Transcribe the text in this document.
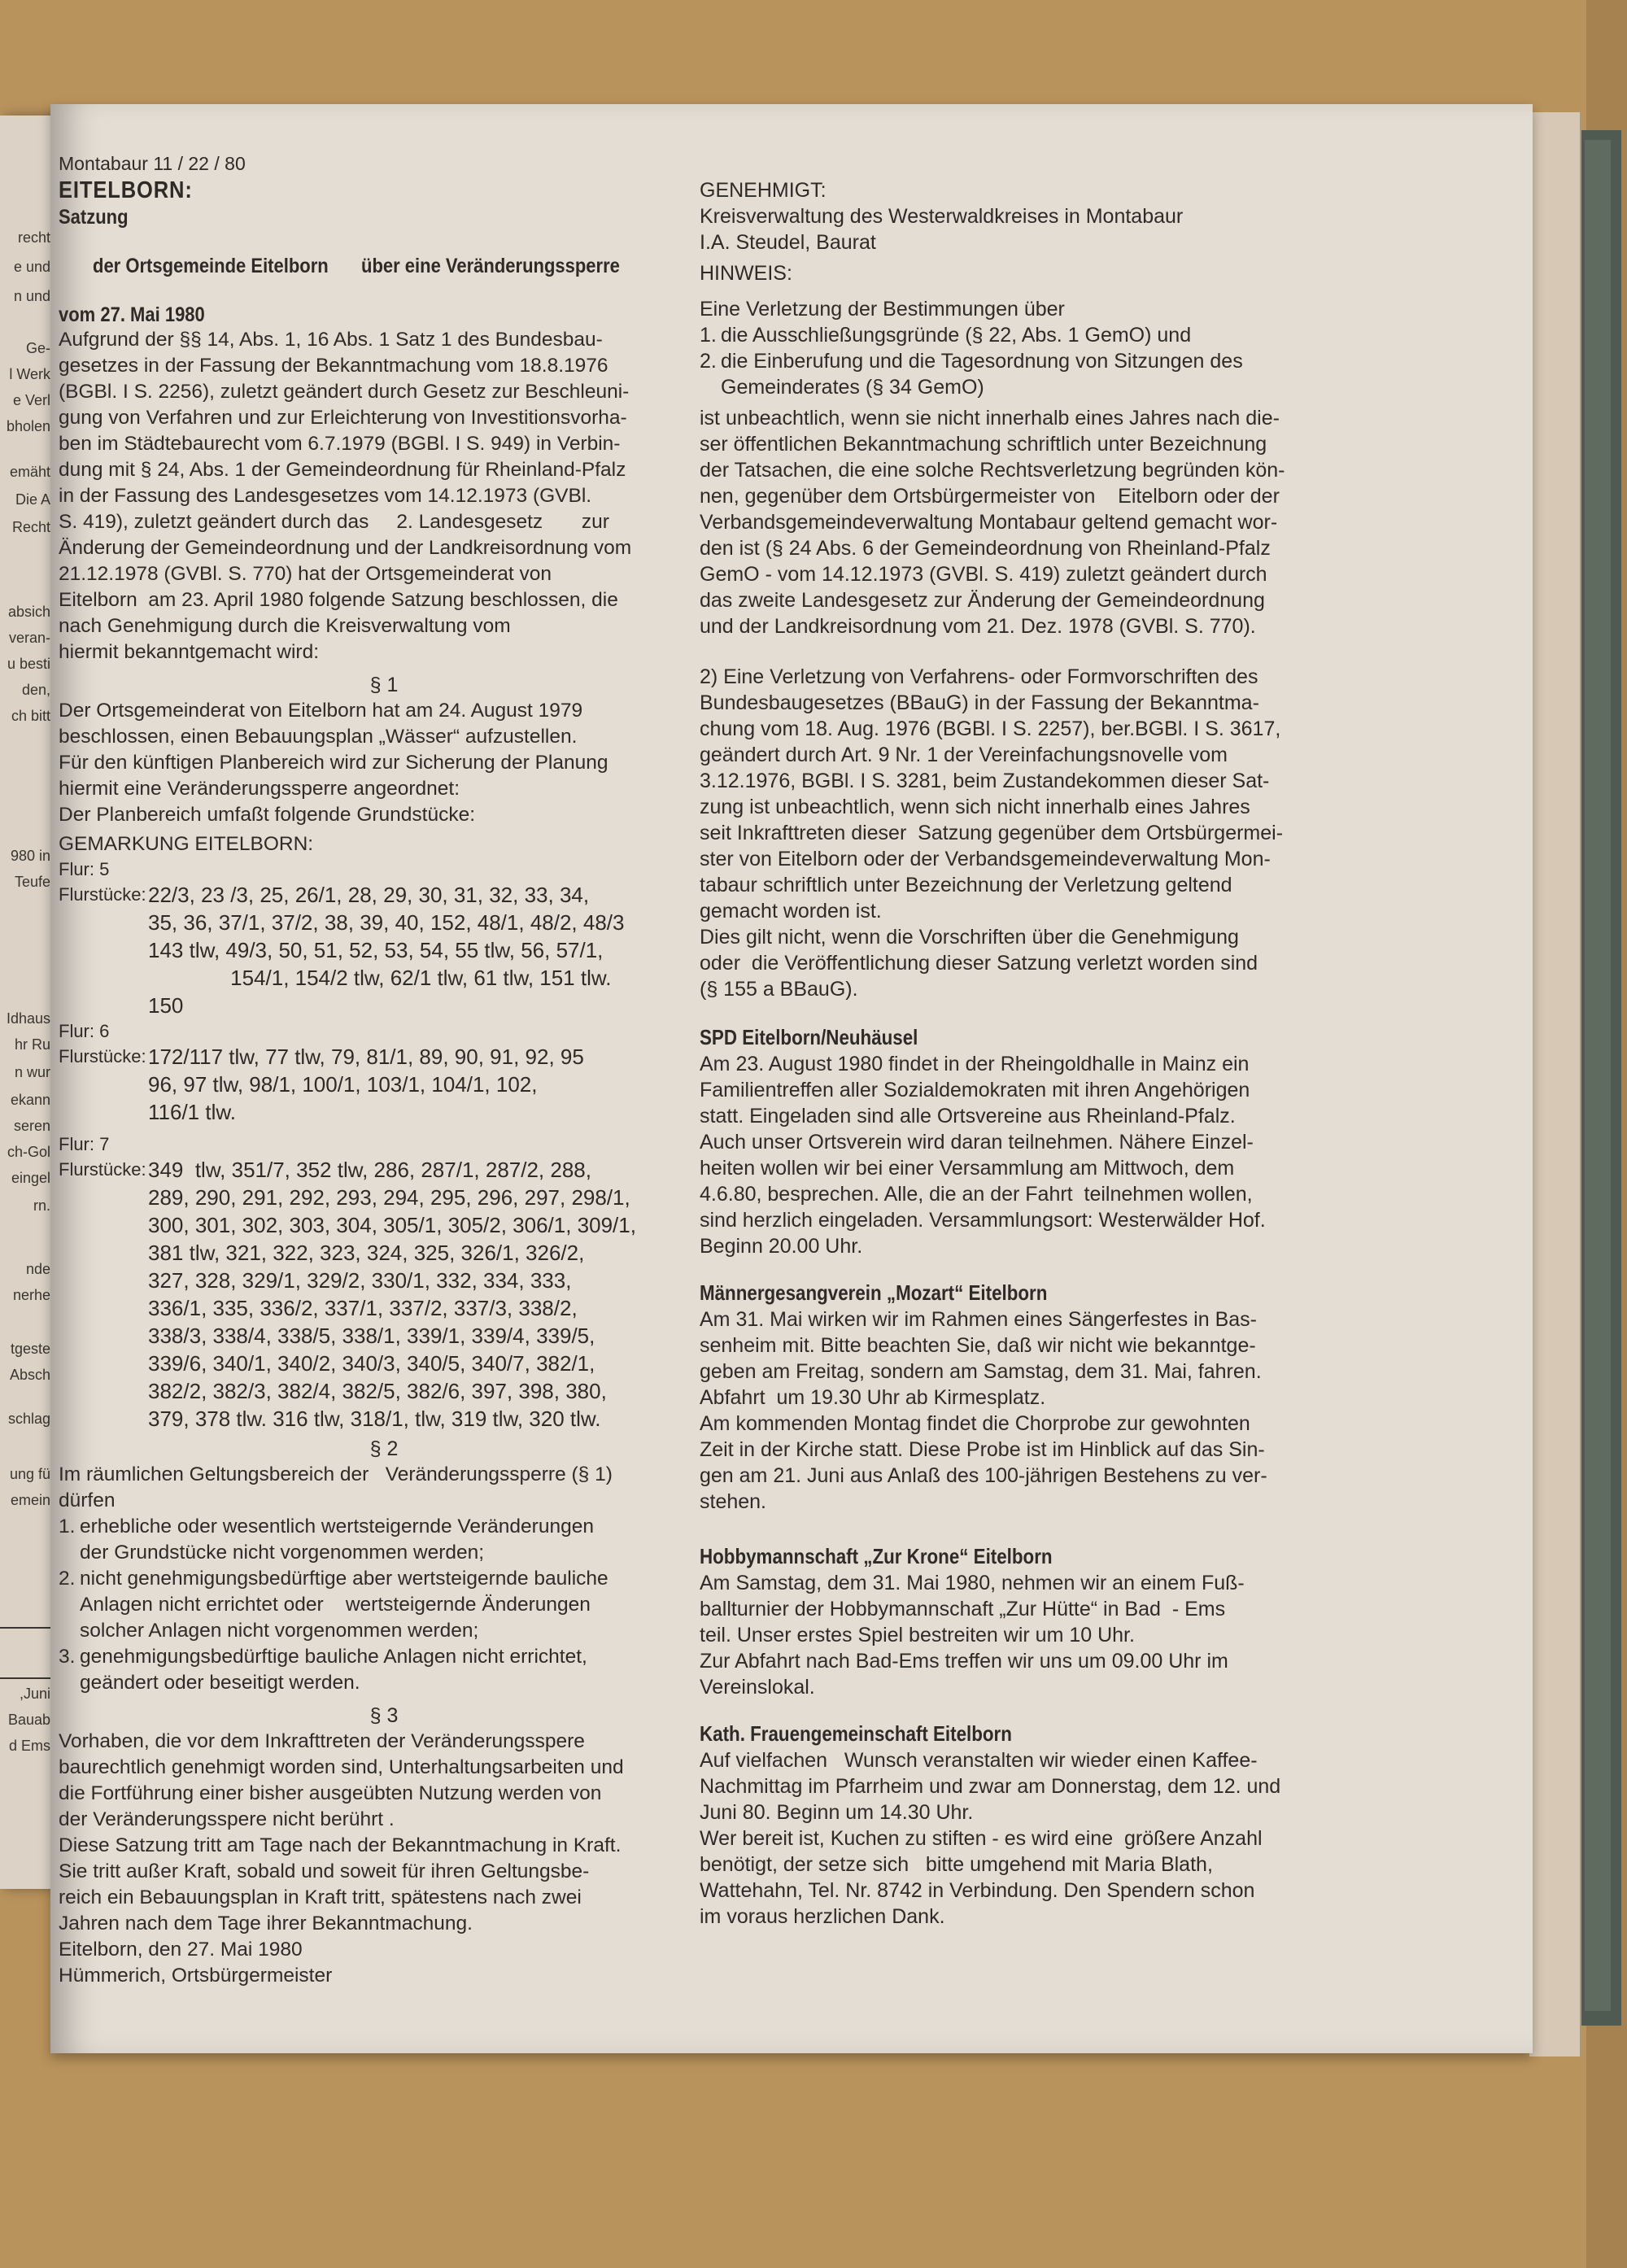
recht
e und
n und
Ge-
l Werk
e Verl
bholen
emäht
Die A
Recht
absich
veran-
u besti
den,
ch bitt
980 in
Teufe
Idhaus
hr Ru
n wur
ekann
seren
ch-Gol
eingel
rn.
nde
nerhe
tgeste
Absch
schlag
ung fü
emein
,Juni
Bauab
d Ems
Montabaur 11 / 22 / 80
EITELBORN:
Satzung

der Ortsgemeinde Eitelborn über eine Veränderungssperre

vom 27. Mai 1980
Aufgrund der §§ 14, Abs. 1, 16 Abs. 1 Satz 1 des Bundesbau-
gesetzes in der Fassung der Bekanntmachung vom 18.8.1976
(BGBl. I S. 2256), zuletzt geändert durch Gesetz zur Beschleuni-
gung von Verfahren und zur Erleichterung von Investitionsvorha-
ben im Städtebaurecht vom 6.7.1979 (BGBl. I S. 949) in Verbin-
dung mit § 24, Abs. 1 der Gemeindeordnung für Rheinland-Pfalz
in der Fassung des Landesgesetzes vom 14.12.1973 (GVBl.
S. 419), zuletzt geändert durch das     2. Landesgesetz       zur
Änderung der Gemeindeordnung und der Landkreisordnung vom
21.12.1978 (GVBl. S. 770) hat der Ortsgemeinderat von
Eitelborn  am 23. April 1980 folgende Satzung beschlossen, die
nach Genehmigung durch die Kreisverwaltung vom
hiermit bekanntgemacht wird:
§ 1
Der Ortsgemeinderat von Eitelborn hat am 24. August 1979
beschlossen, einen Bebauungsplan „Wässer“ aufzustellen.
Für den künftigen Planbereich wird zur Sicherung der Planung
hiermit eine Veränderungssperre angeordnet:
Der Planbereich umfaßt folgende Grundstücke:
GEMARKUNG EITELBORN:
Flur: 5
Flurstücke: 22/3, 23 /3, 25, 26/1, 28, 29, 30, 31, 32, 33, 34,
35, 36, 37/1, 37/2, 38, 39, 40, 152, 48/1, 48/2, 48/3
143 tlw, 49/3, 50, 51, 52, 53, 54, 55 tlw, 56, 57/1,
154/1, 154/2 tlw, 62/1 tlw, 61 tlw, 151 tlw.
150
Flur: 6
Flurstücke: 172/117 tlw, 77 tlw, 79, 81/1, 89, 90, 91, 92, 95
96, 97 tlw, 98/1, 100/1, 103/1, 104/1, 102,
116/1 tlw.
Flur: 7
Flurstücke: 349  tlw, 351/7, 352 tlw, 286, 287/1, 287/2, 288,
289, 290, 291, 292, 293, 294, 295, 296, 297, 298/1,
300, 301, 302, 303, 304, 305/1, 305/2, 306/1, 309/1,
381 tlw, 321, 322, 323, 324, 325, 326/1, 326/2,
327, 328, 329/1, 329/2, 330/1, 332, 334, 333,
336/1, 335, 336/2, 337/1, 337/2, 337/3, 338/2,
338/3, 338/4, 338/5, 338/1, 339/1, 339/4, 339/5,
339/6, 340/1, 340/2, 340/3, 340/5, 340/7, 382/1,
382/2, 382/3, 382/4, 382/5, 382/6, 397, 398, 380,
379, 378 tlw. 316 tlw, 318/1, tlw, 319 tlw, 320 tlw.
§ 2
Im räumlichen Geltungsbereich der   Veränderungssperre (§ 1)
dürfen
1. erhebliche oder wesentlich wertsteigernde Veränderungen
der Grundstücke nicht vorgenommen werden;
2. nicht genehmigungsbedürftige aber wertsteigernde bauliche
Anlagen nicht errichtet oder    wertsteigernde Änderungen
solcher Anlagen nicht vorgenommen werden;
3. genehmigungsbedürftige bauliche Anlagen nicht errichtet,
geändert oder beseitigt werden.
§ 3
Vorhaben, die vor dem Inkrafttreten der Veränderungsspere
baurechtlich genehmigt worden sind, Unterhaltungsarbeiten und
die Fortführung einer bisher ausgeübten Nutzung werden von
der Veränderungsspere nicht berührt .
Diese Satzung tritt am Tage nach der Bekanntmachung in Kraft.
Sie tritt außer Kraft, sobald und soweit für ihren Geltungsbe-
reich ein Bebauungsplan in Kraft tritt, spätestens nach zwei
Jahren nach dem Tage ihrer Bekanntmachung.
Eitelborn, den 27. Mai 1980
Hümmerich, Ortsbürgermeister
GENEHMIGT:
Kreisverwaltung des Westerwaldkreises in Montabaur
I.A. Steudel, Baurat
HINWEIS:
Eine Verletzung der Bestimmungen über
1. die Ausschließungsgründe (§ 22, Abs. 1 GemO) und
2. die Einberufung und die Tagesordnung von Sitzungen des
Gemeinderates (§ 34 GemO)
ist unbeachtlich, wenn sie nicht innerhalb eines Jahres nach die-
ser öffentlichen Bekanntmachung schriftlich unter Bezeichnung
der Tatsachen, die eine solche Rechtsverletzung begründen kön-
nen, gegenüber dem Ortsbürgermeister von    Eitelborn oder der
Verbandsgemeindeverwaltung Montabaur geltend gemacht wor-
den ist (§ 24 Abs. 6 der Gemeindeordnung von Rheinland-Pfalz
GemO - vom 14.12.1973 (GVBl. S. 419) zuletzt geändert durch
das zweite Landesgesetz zur Änderung der Gemeindeordnung
und der Landkreisordnung vom 21. Dez. 1978 (GVBl. S. 770).
2) Eine Verletzung von Verfahrens- oder Formvorschriften des
Bundesbaugesetzes (BBauG) in der Fassung der Bekanntma-
chung vom 18. Aug. 1976 (BGBl. I S. 2257), ber.BGBl. I S. 3617,
geändert durch Art. 9 Nr. 1 der Vereinfachungsnovelle vom
3.12.1976, BGBl. I S. 3281, beim Zustandekommen dieser Sat-
zung ist unbeachtlich, wenn sich nicht innerhalb eines Jahres
seit Inkrafttreten dieser  Satzung gegenüber dem Ortsbürgermei-
ster von Eitelborn oder der Verbandsgemeindeverwaltung Mon-
tabaur schriftlich unter Bezeichnung der Verletzung geltend
gemacht worden ist.
Dies gilt nicht, wenn die Vorschriften über die Genehmigung
oder  die Veröffentlichung dieser Satzung verletzt worden sind
(§ 155 a BBauG).
SPD Eitelborn/Neuhäusel
Am 23. August 1980 findet in der Rheingoldhalle in Mainz ein
Familientreffen aller Sozialdemokraten mit ihren Angehörigen
statt. Eingeladen sind alle Ortsvereine aus Rheinland-Pfalz.
Auch unser Ortsverein wird daran teilnehmen. Nähere Einzel-
heiten wollen wir bei einer Versammlung am Mittwoch, dem
4.6.80, besprechen. Alle, die an der Fahrt  teilnehmen wollen,
sind herzlich eingeladen. Versammlungsort: Westerwälder Hof.
Beginn 20.00 Uhr.
Männergesangverein „Mozart“ Eitelborn
Am 31. Mai wirken wir im Rahmen eines Sängerfestes in Bas-
senheim mit. Bitte beachten Sie, daß wir nicht wie bekanntge-
geben am Freitag, sondern am Samstag, dem 31. Mai, fahren.
Abfahrt  um 19.30 Uhr ab Kirmesplatz.
Am kommenden Montag findet die Chorprobe zur gewohnten
Zeit in der Kirche statt. Diese Probe ist im Hinblick auf das Sin-
gen am 21. Juni aus Anlaß des 100-jährigen Bestehens zu ver-
stehen.
Hobbymannschaft „Zur Krone“ Eitelborn
Am Samstag, dem 31. Mai 1980, nehmen wir an einem Fuß-
ballturnier der Hobbymannschaft „Zur Hütte“ in Bad  - Ems
teil. Unser erstes Spiel bestreiten wir um 10 Uhr.
Zur Abfahrt nach Bad-Ems treffen wir uns um 09.00 Uhr im
Vereinslokal.
Kath. Frauengemeinschaft Eitelborn
Auf vielfachen   Wunsch veranstalten wir wieder einen Kaffee-
Nachmittag im Pfarrheim und zwar am Donnerstag, dem 12. und
Juni 80. Beginn um 14.30 Uhr.
Wer bereit ist, Kuchen zu stiften - es wird eine  größere Anzahl
benötigt, der setze sich   bitte umgehend mit Maria Blath,
Wattehahn, Tel. Nr. 8742 in Verbindung. Den Spendern schon
im voraus herzlichen Dank.
